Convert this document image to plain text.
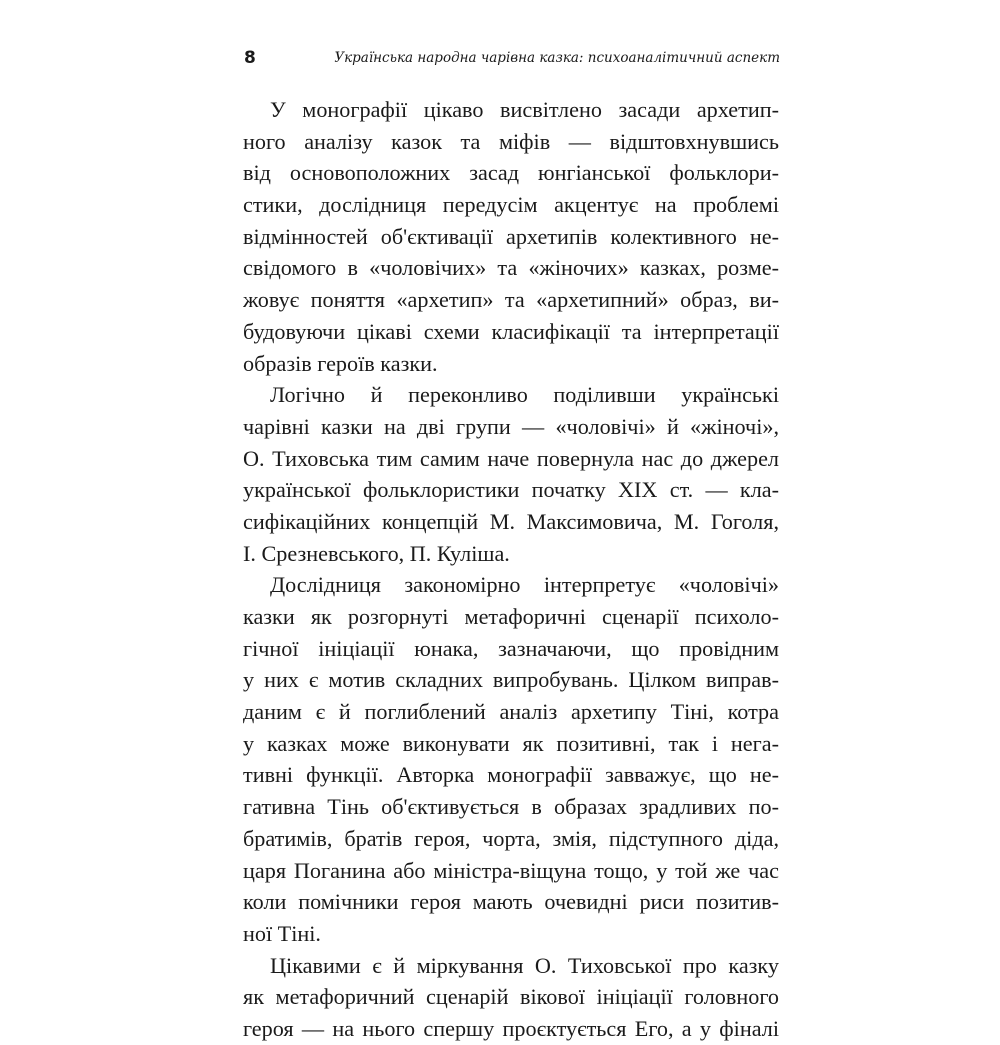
8	Українська народна чарівна казка: психоаналітичний аспект
У монографії цікаво висвітлено засади архетип-
ного аналізу казок та міфів — відштовхнувшись
від основоположних засад юнгіанської фольклори-
стики, дослідниця передусім акцентує на проблемі
відмінностей об'єктивації архетипів колективного не-
свідомого в «чоловічих» та «жіночих» казках, розме-
жовує поняття «архетип» та «архетипний» образ, ви-
будовуючи цікаві схеми класифікації та інтерпретації
образів героїв казки.
Логічно й переконливо поділивши українські
чарівні казки на дві групи — «чоловічі» й «жіночі»,
О. Тиховська тим самим наче повернула нас до джерел
української фольклористики початку XIX ст. — кла-
сифікаційних концепцій М. Максимовича, М. Гоголя,
І. Срезневського, П. Куліша.
Дослідниця закономірно інтерпретує «чоловічі»
казки як розгорнуті метафоричні сценарії психоло-
гічної ініціації юнака, зазначаючи, що провідним
у них є мотив складних випробувань. Цілком виправ-
даним є й поглиблений аналіз архетипу Тіні, котра
у казках може виконувати як позитивні, так і нега-
тивні функції. Авторка монографії завважує, що не-
гативна Тінь об'єктивується в образах зрадливих по-
братимів, братів героя, чорта, змія, підступного діда,
царя Поганина або міністра-віщуна тощо, у той же час
коли помічники героя мають очевидні риси позитив-
ної Тіні.
Цікавими є й міркування О. Тиховської про казку
як метафоричний сценарій вікової ініціації головного
героя — на нього спершу проєктується Eго, а у фіналі
